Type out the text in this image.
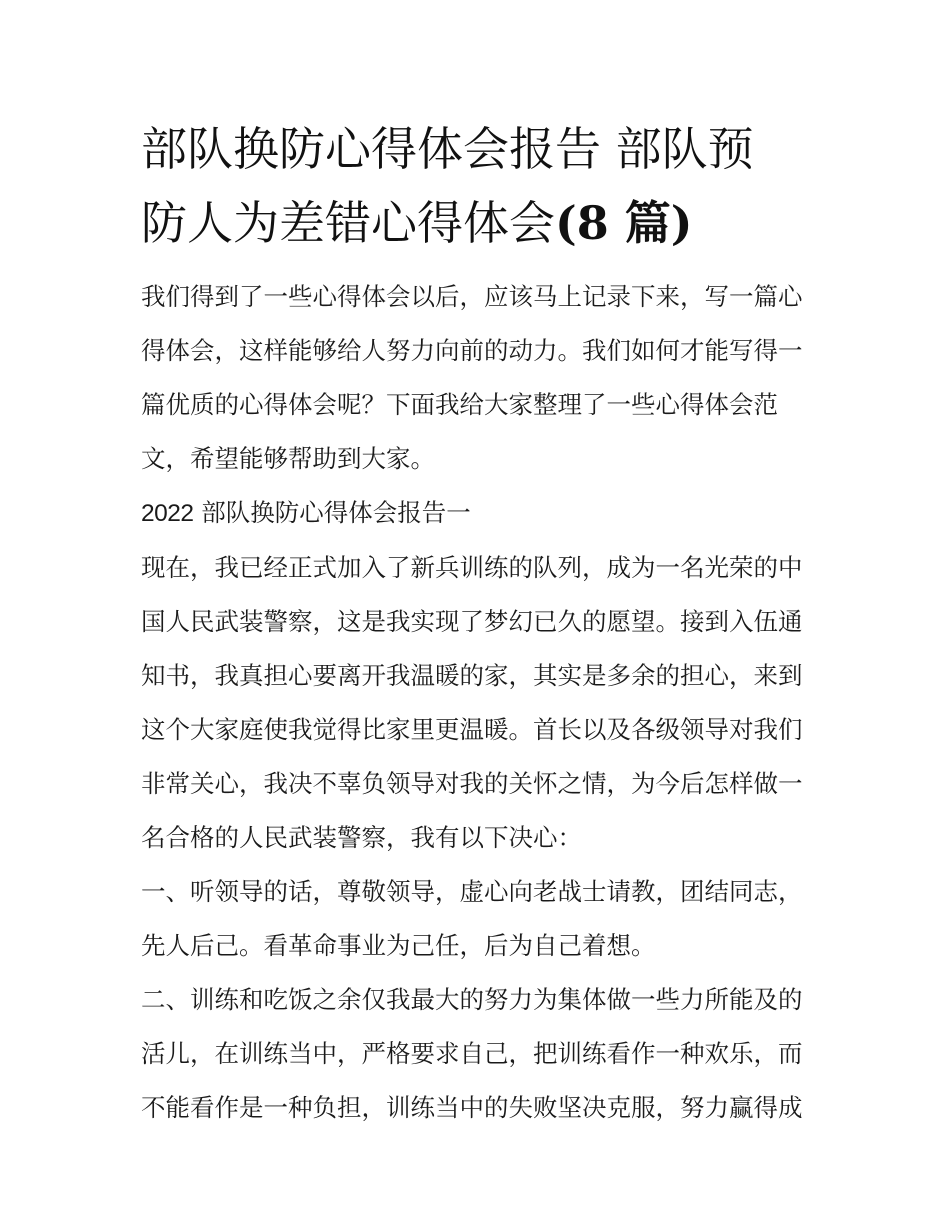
部队换防心得体会报告 部队预
防人为差错心得体会(8 篇)
我们得到了一些心得体会以后，应该马上记录下来，写一篇心
得体会，这样能够给人努力向前的动力。我们如何才能写得一
篇优质的心得体会呢？下面我给大家整理了一些心得体会范
文，希望能够帮助到大家。
2022 部队换防心得体会报告一
现在，我已经正式加入了新兵训练的队列，成为一名光荣的中
国人民武装警察，这是我实现了梦幻已久的愿望。接到入伍通
知书，我真担心要离开我温暖的家，其实是多余的担心，来到
这个大家庭使我觉得比家里更温暖。首长以及各级领导对我们
非常关心，我决不辜负领导对我的关怀之情，为今后怎样做一
名合格的人民武装警察，我有以下决心：
一、听领导的话，尊敬领导，虚心向老战士请教，团结同志，
先人后己。看革命事业为己任，后为自己着想。
二、训练和吃饭之余仅我最大的努力为集体做一些力所能及的
活儿，在训练当中，严格要求自己，把训练看作一种欢乐，而
不能看作是一种负担，训练当中的失败坚决克服，努力赢得成
